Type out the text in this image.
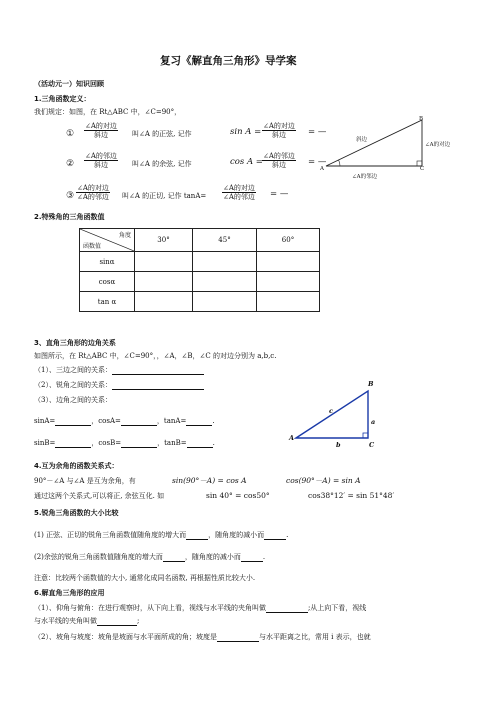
复习《解直角三角形》导学案
（活动元一）知识回顾
1.三角函数定义：
我们规定：如图，在 Rt△ABC 中，∠C=90°，
①
∠A的对边
斜边	叫∠A 的正弦, 记作	sin A =
∠A的对边
斜边	= —
②
∠A的邻边
斜边	叫∠A 的余弦, 记作	cos A =
∠A的邻边
斜边	= —
③
∠A的对边
∠A的邻边 叫∠A 的正切, 记作 tanA=
∠A的对边
∠A的邻边 = —
B
A	C
斜边
∠A的对边
∠A的邻边
2.特殊角的三角函数值
角度
函数值	30°	45°	60°
sinα			
cosα			
tan α			
3、直角三角形的边角关系
如图所示，在 Rt△ABC 中，∠C=90°，，∠A，∠B，∠C 的对边分别为 a,b,c.
（1）、三边之间的关系：
（2）、锐角之间的关系：
（3）、边角之间的关系：
sinA=	，cosA=	，tanA=	.
sinB=	，cosB=	，tanB=	.
B
A
C
a
b
c
4.互为余角的函数关系式：
90°－∠A 与∠A 是互为余角，有	sin(90°－A) = cos A	cos(90°－A) = sin A
通过这两个关系式,可以将正, 余弦互化. 如	sin 40° = cos50°	cos38°12′ = sin 51°48′
5.锐角三角函数的大小比较
(1) 正弦、正切的锐角三角函数值随角度的增大而	，随角度的减小而	.
(2)余弦的锐角三角函数值随角度的增大而	，随角度的减小而	.
注意：比较两个函数值的大小, 通常化成同名函数, 再根据性质比较大小.
6.解直角三角形的应用
（1）、仰角与俯角：在进行观察时，从下向上看，视线与水平线的夹角叫做	;从上向下看，视线
与水平线的夹角叫做	;
（2）、坡角与坡度：坡角是坡面与水平面所成的角；坡度是	与水平距离之比，常用 i 表示，也就
